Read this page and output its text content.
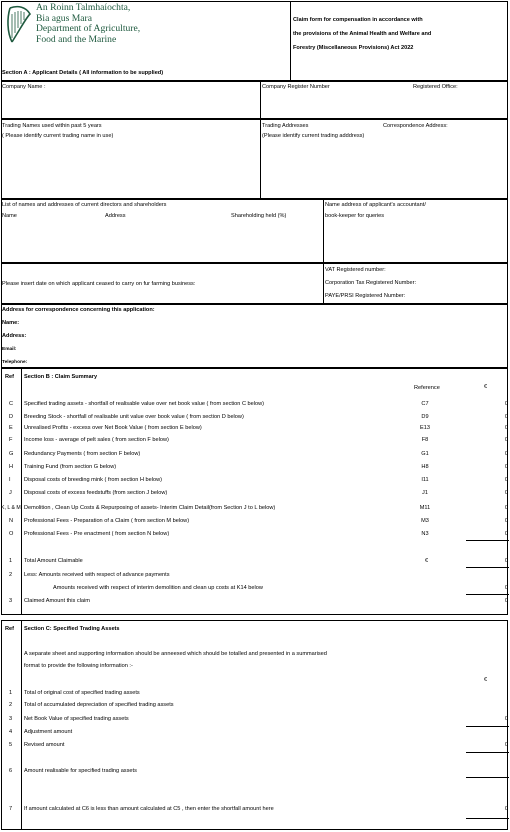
An Roinn Talmhaíochta,
Bia agus Mara
Department of Agriculture,
Food and the Marine
Claim form for compensation in accordance with
the provisions of the Animal Health and Welfare and
Forestry (Miscellaneous Provisions) Act 2022
Section A : Applicant Details ( All information to be supplied)
Company Name :	Company Register Number	Registered Office:
Trading Names used within past 5 years
( Please identify current trading name in use)
Trading Addresses
(Please identify current trading adddress)
Correspondence Address:
List of names and addresses of current directors and shareholders
Name	Address	Shareholding held (%)
Name address of applicant's accountant/
book-keeper for queries
Please insert date on which applicant ceased to carry on fur farming business:
VAT Registered number:
Corporation Tax Registered Number:
PAYE/PRSI Registered Number:
Address for correspondence concerning this application:
Name:
Address:
Email:
Telephone:
Ref Section B : Claim Summary
Reference	€
C Specified trading assets - shortfall of realisable value over net book value ( from section C below)	C7	0
D Breeding Stock - shortfall of realisable unit value over book value ( from section D below)	D9	0
E Unrealised Profits - excess over Net Book Value ( from section E below)	E13	0
F Income loss - average of pelt sales ( from section F below)	F8	0
G Redundancy Payments ( from section F below)	G1	0
H Training Fund (from section G below)	H8	0
I Disposal costs of breeding mink ( from section H below)	I11	0
J Disposal costs of excess feedstuffs (from section J below)	J1	0
K, L & M Demolition , Clean Up Costs & Repurposing of assets- Interim Claim Detail(from Section J to L below)	M11	0
N Professional Fees - Preparation of a Claim ( from section M below)	M3	0
O Professional Fees - Pre enactment ( from section N below)	N3	0
1 Total Amount Claimable	€	0
2 Less: Amounts received with respect of advance payments
Amounts received with respect of interim demolition and clean up costs at K14 below	0
3 Claimed Amount this claim	0
Ref Section C: Specified Trading Assets
A separate sheet and supporting information should be anneexed which should be totalled and presented in a summarised
format to provide the following information :-
€
1 Total of original cost of specified trading assets
2 Total of accumulated depreciation of specified trading assets
3 Net Book Value of specified trading assets	0
4 Adjustment amount
5 Revised amount	0
6 Amount realisable for specified trading assets
7 If amount calculated at C6 is less than amount calculated at C5 , then enter the shortfall amount here	0
